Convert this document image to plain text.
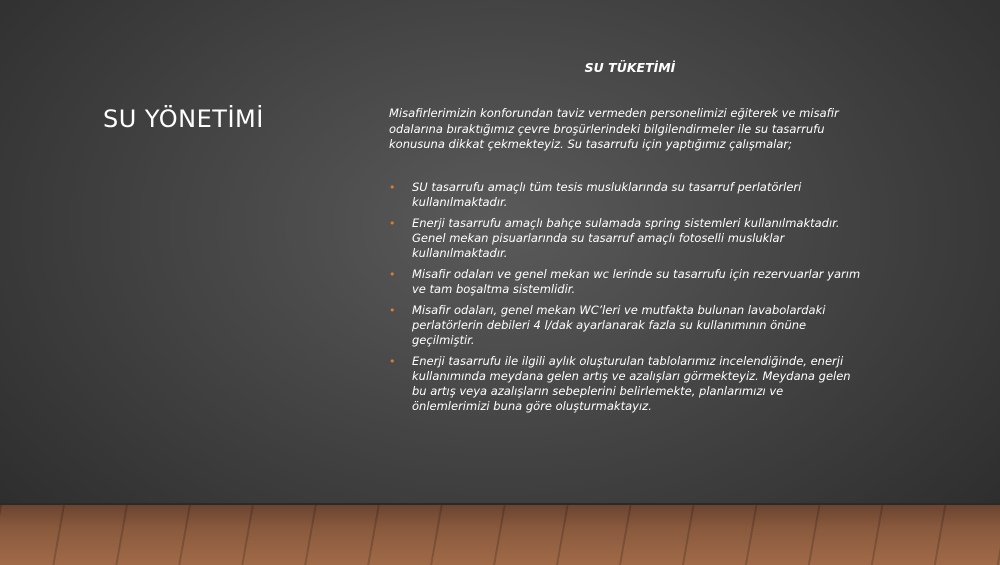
SU YÖNETİMİ
SU TÜKETİMİ
Misafirlerimizin konforundan taviz vermeden personelimizi eğiterek ve misafir odalarına bıraktığımız çevre broşürlerindeki bilgilendirmeler ile su tasarrufu konusuna dikkat çekmekteyiz. Su tasarrufu için yaptığımız çalışmalar;
• SU tasarrufu amaçlı tüm tesis musluklarında su tasarruf perlatörleri kullanılmaktadır.
• Enerji tasarrufu amaçlı bahçe sulamada spring sistemleri kullanılmaktadır. Genel mekan pisuarlarında su tasarruf amaçlı fotoselli musluklar kullanılmaktadır.
• Misafir odaları ve genel mekan wc lerinde su tasarrufu için rezervuarlar yarım ve tam boşaltma sistemlidir.
• Misafir odaları, genel mekan WC’leri ve mutfakta bulunan lavabolardaki perlatörlerin debileri 4 l/dak ayarlanarak fazla su kullanımının önüne geçilmiştir.
• Enerji tasarrufu ile ilgili aylık oluşturulan tablolarımız incelendiğinde, enerji kullanımında meydana gelen artış ve azalışları görmekteyiz. Meydana gelen bu artış veya azalışların sebeplerini belirlemekte, planlarımızı ve önlemlerimizi buna göre oluşturmaktayız.
